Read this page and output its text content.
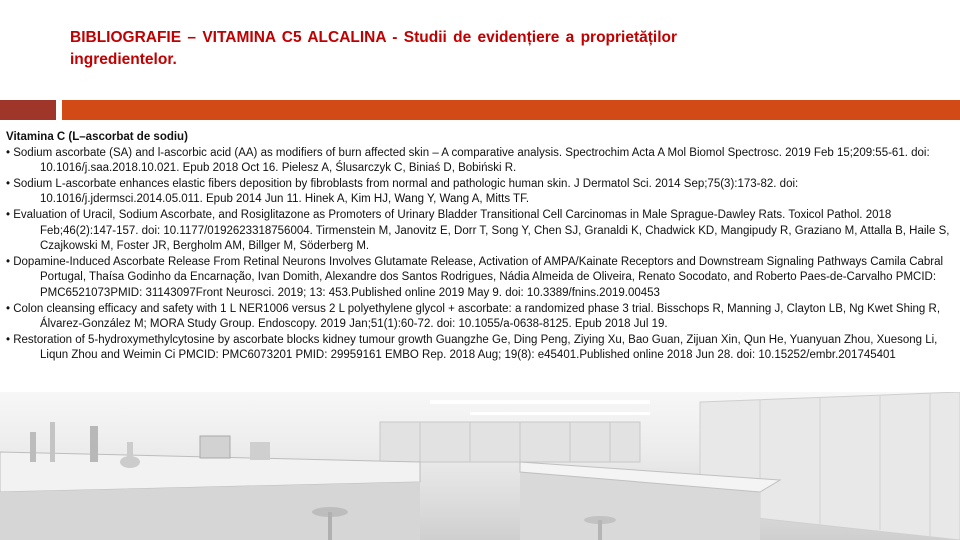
BIBLIOGRAFIE – VITAMINA C5 ALCALINA - Studii de evidențiere a proprietăților ingredientelor.

Vitamina C (L–ascorbat de sodiu)

• Sodium ascorbate (SA) and l-ascorbic acid (AA) as modifiers of burn affected skin – A comparative analysis. Spectrochim Acta A Mol Biomol Spectrosc. 2019 Feb 15;209:55-61. doi: 10.1016/j.saa.2018.10.021. Epub 2018 Oct 16. Pielesz A, Ślusarczyk C, Biniaś D, Bobiński R.

• Sodium L-ascorbate enhances elastic fibers deposition by fibroblasts from normal and pathologic human skin. J Dermatol Sci. 2014 Sep;75(3):173-82. doi: 10.1016/j.jdermsci.2014.05.011. Epub 2014 Jun 11. Hinek A, Kim HJ, Wang Y, Wang A, Mitts TF.

• Evaluation of Uracil, Sodium Ascorbate, and Rosiglitazone as Promoters of Urinary Bladder Transitional Cell Carcinomas in Male Sprague-Dawley Rats. Toxicol Pathol. 2018 Feb;46(2):147-157. doi: 10.1177/0192623318756004. Tirmenstein M, Janovitz E, Dorr T, Song Y, Chen SJ, Granaldi K, Chadwick KD, Mangipudy R, Graziano M, Attalla B, Haile S, Czajkowski M, Foster JR, Bergholm AM, Billger M, Söderberg M.

• Dopamine-Induced Ascorbate Release From Retinal Neurons Involves Glutamate Release, Activation of AMPA/Kainate Receptors and Downstream Signaling Pathways Camila Cabral Portugal, Thaísa Godinho da Encarnação, Ivan Domith, Alexandre dos Santos Rodrigues, Nádia Almeida de Oliveira, Renato Socodato, and Roberto Paes-de-Carvalho PMCID: PMC6521073PMID: 31143097Front Neurosci. 2019; 13: 453.Published online 2019 May 9. doi: 10.3389/fnins.2019.00453

• Colon cleansing efficacy and safety with 1 L NER1006 versus 2 L polyethylene glycol + ascorbate: a randomized phase 3 trial. Bisschops R, Manning J, Clayton LB, Ng Kwet Shing R, Álvarez-González M; MORA Study Group. Endoscopy. 2019 Jan;51(1):60-72. doi: 10.1055/a-0638-8125. Epub 2018 Jul 19.

• Restoration of 5-hydroxymethylcytosine by ascorbate blocks kidney tumour growth Guangzhe Ge, Ding Peng, Ziying Xu, Bao Guan, Zijuan Xin, Qun He, Yuanyuan Zhou, Xuesong Li, Liqun Zhou and Weimin Ci PMCID: PMC6073201 PMID: 29959161 EMBO Rep. 2018 Aug; 19(8): e45401.Published online 2018 Jun 28. doi: 10.15252/embr.201745401
